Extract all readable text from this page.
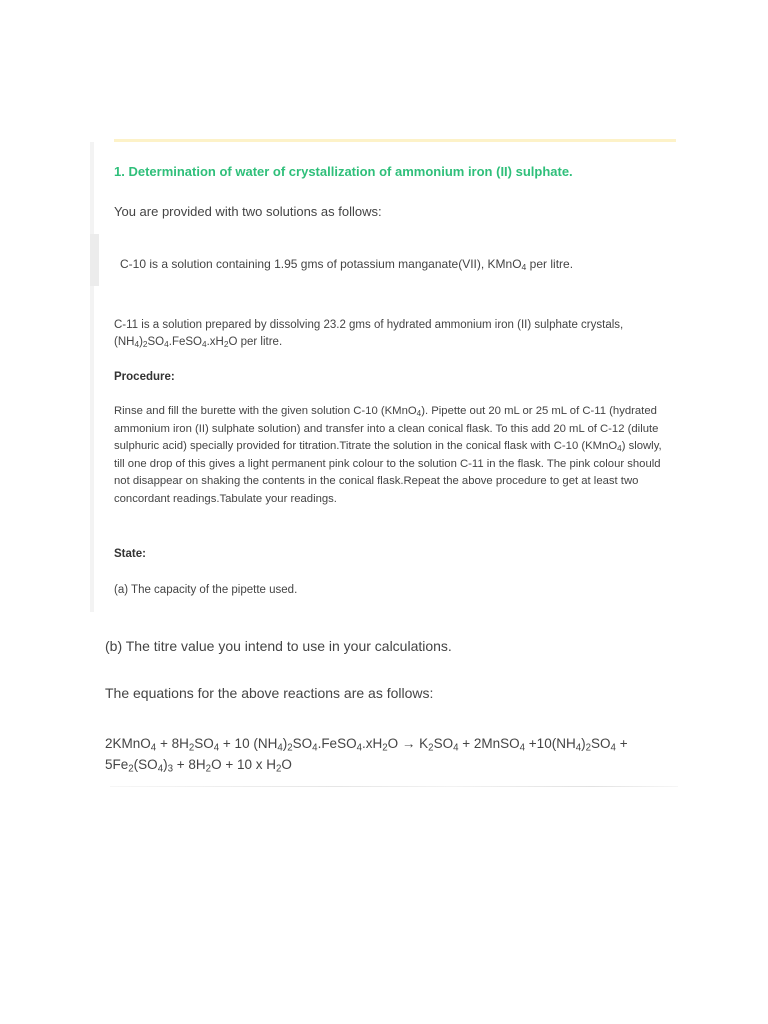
1. Determination of water of crystallization of ammonium iron (II) sulphate.
You are provided with two solutions as follows:
C-10 is a solution containing 1.95 gms of potassium manganate(VII), KMnO$_4$ per litre.
C-11 is a solution prepared by dissolving 23.2 gms of hydrated ammonium iron (II) sulphate crystals, $(NH_4)_2SO_4.FeSO_4.xH_2O$ per litre.
Procedure:
Rinse and fill the burette with the given solution C-10 (KMnO$_4$). Pipette out 20 mL or 25 mL of C-11 (hydrated ammonium iron (II) sulphate solution) and transfer into a clean conical flask. To this add 20 mL of C-12 (dilute sulphuric acid) specially provided for titration.Titrate the solution in the conical flask with C-10 (KMnO$_4$) slowly, till one drop of this gives a light permanent pink colour to the solution C-11 in the flask. The pink colour should not disappear on shaking the contents in the conical flask.Repeat the above procedure to get at least two concordant readings.Tabulate your readings.
State:
(a) The capacity of the pipette used.
(b) The titre value you intend to use in your calculations.
The equations for the above reactions are as follows:
2KMnO$_4$ + $8H_2SO_4 + 10$ $(NH_4)_2SO_4.FeSO_4.xH_2O \to K_2SO_4$ + 2MnSO$_4$ $+10(NH_4)_2SO_4 + 5Fe_2(SO_4)_3 + 8H_2O + 10$ x $H_2O$
